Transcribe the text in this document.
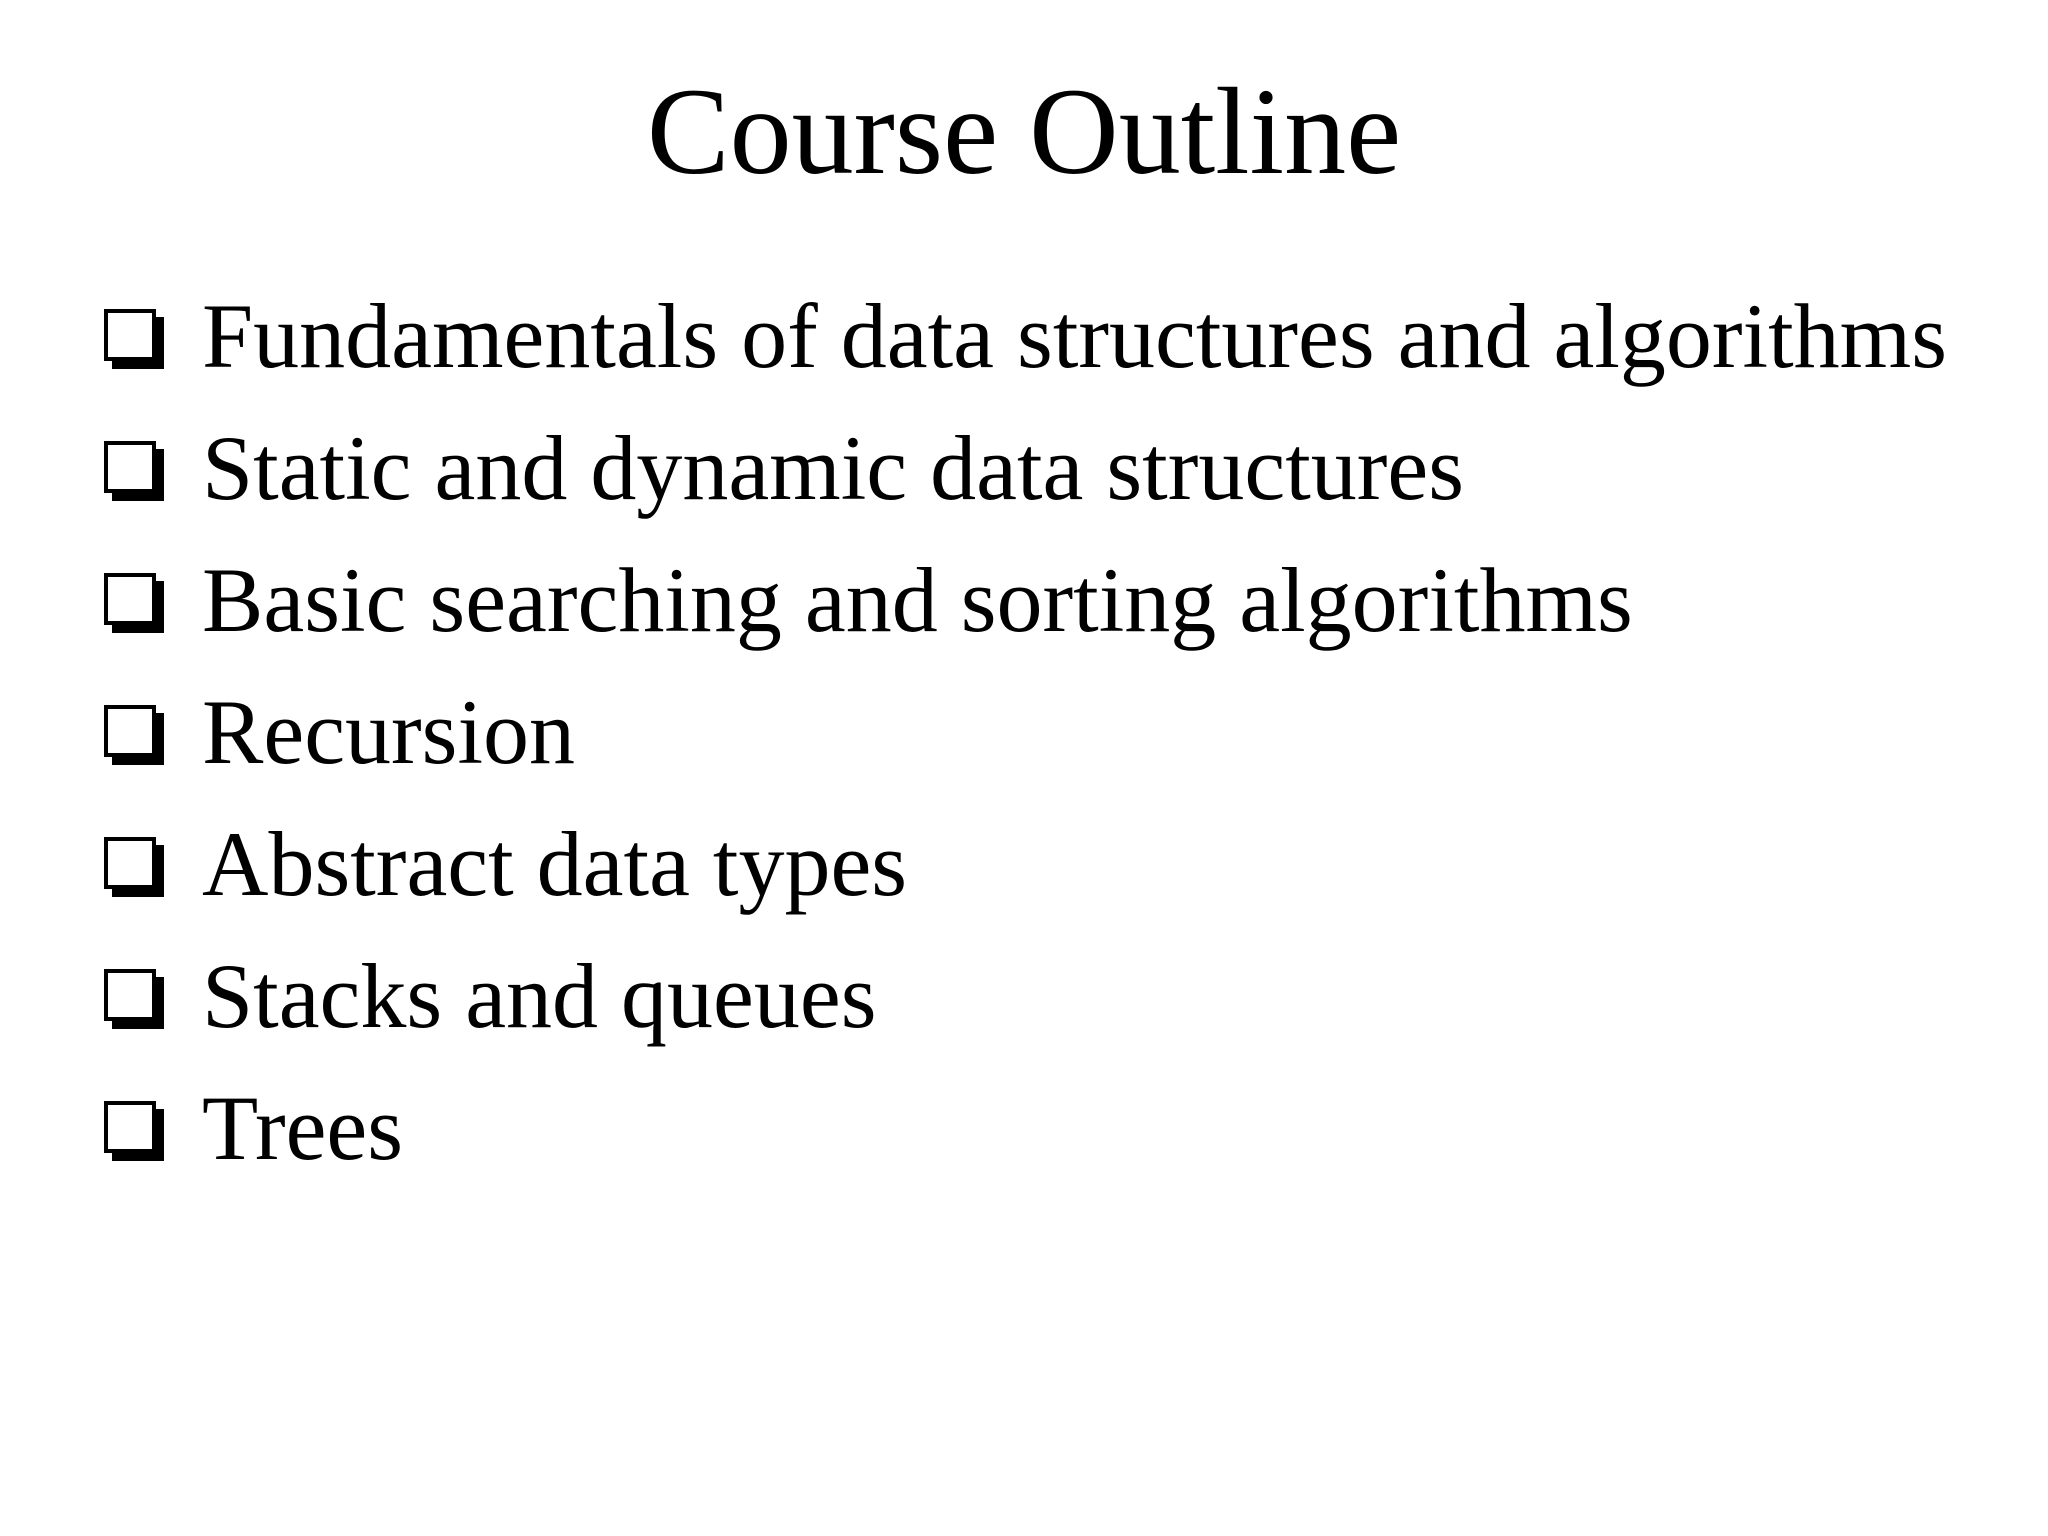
Course Outline
Fundamentals of data structures and algorithms
Static and dynamic data structures
Basic searching and sorting algorithms
Recursion
Abstract data types
Stacks and queues
Trees
